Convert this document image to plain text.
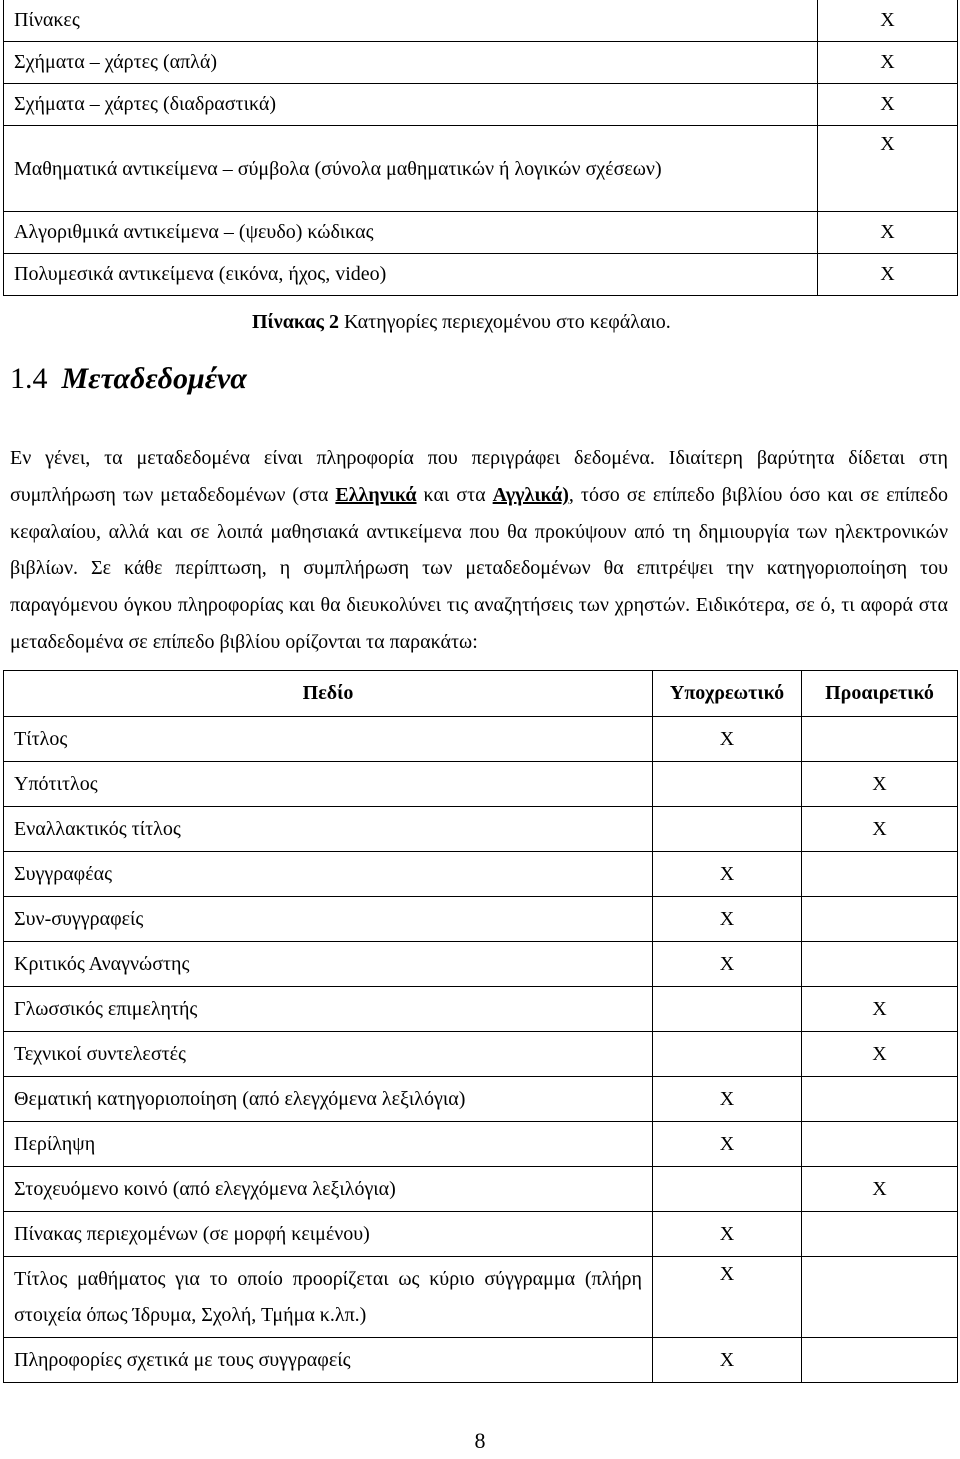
Πίνακες	X
Σχήματα – χάρτες (απλά)	X
Σχήματα – χάρτες (διαδραστικά)	X
Μαθηματικά αντικείμενα – σύμβολα (σύνολα μαθηματικών ή λογικών σχέσεων)	X
Αλγοριθμικά αντικείμενα – (ψευδο) κώδικας	X
Πολυμεσικά αντικείμενα (εικόνα, ήχος, video)	X
Πίνακας 2 Κατηγορίες περιεχομένου στο κεφάλαιο.
1.4 Μεταδεδομένα
Εν γένει, τα μεταδεδομένα είναι πληροφορία που περιγράφει δεδομένα. Ιδιαίτερη βαρύτητα δίδεται στη συμπλήρωση των μεταδεδομένων (στα Ελληνικά και στα Αγγλικά), τόσο σε επίπεδο βιβλίου όσο και σε επίπεδο κεφαλαίου, αλλά και σε λοιπά μαθησιακά αντικείμενα που θα προκύψουν από τη δημιουργία των ηλεκτρονικών βιβλίων. Σε κάθε περίπτωση, η συμπλήρωση των μεταδεδομένων θα επιτρέψει την κατηγοριοποίηση του παραγόμενου όγκου πληροφορίας και θα διευκολύνει τις αναζητήσεις των χρηστών. Ειδικότερα, σε ό, τι αφορά στα μεταδεδομένα σε επίπεδο βιβλίου ορίζονται τα παρακάτω:
Πεδίο	Υποχρεωτικό	Προαιρετικό
Τίτλος	X	
Υπότιτλος		X
Εναλλακτικός τίτλος		X
Συγγραφέας	X	
Συν-συγγραφείς	X	
Κριτικός Αναγνώστης	X	
Γλωσσικός επιμελητής		X
Τεχνικοί συντελεστές		X
Θεματική κατηγοριοποίηση (από ελεγχόμενα λεξιλόγια)	X	
Περίληψη	X	
Στοχευόμενο κοινό (από ελεγχόμενα λεξιλόγια)		X
Πίνακας περιεχομένων (σε μορφή κειμένου)	X	
Τίτλος μαθήματος για το οποίο προορίζεται ως κύριο σύγγραμμα (πλήρη στοιχεία όπως Ίδρυμα, Σχολή, Τμήμα κ.λπ.)	X	
Πληροφορίες σχετικά με τους συγγραφείς	X	
8
